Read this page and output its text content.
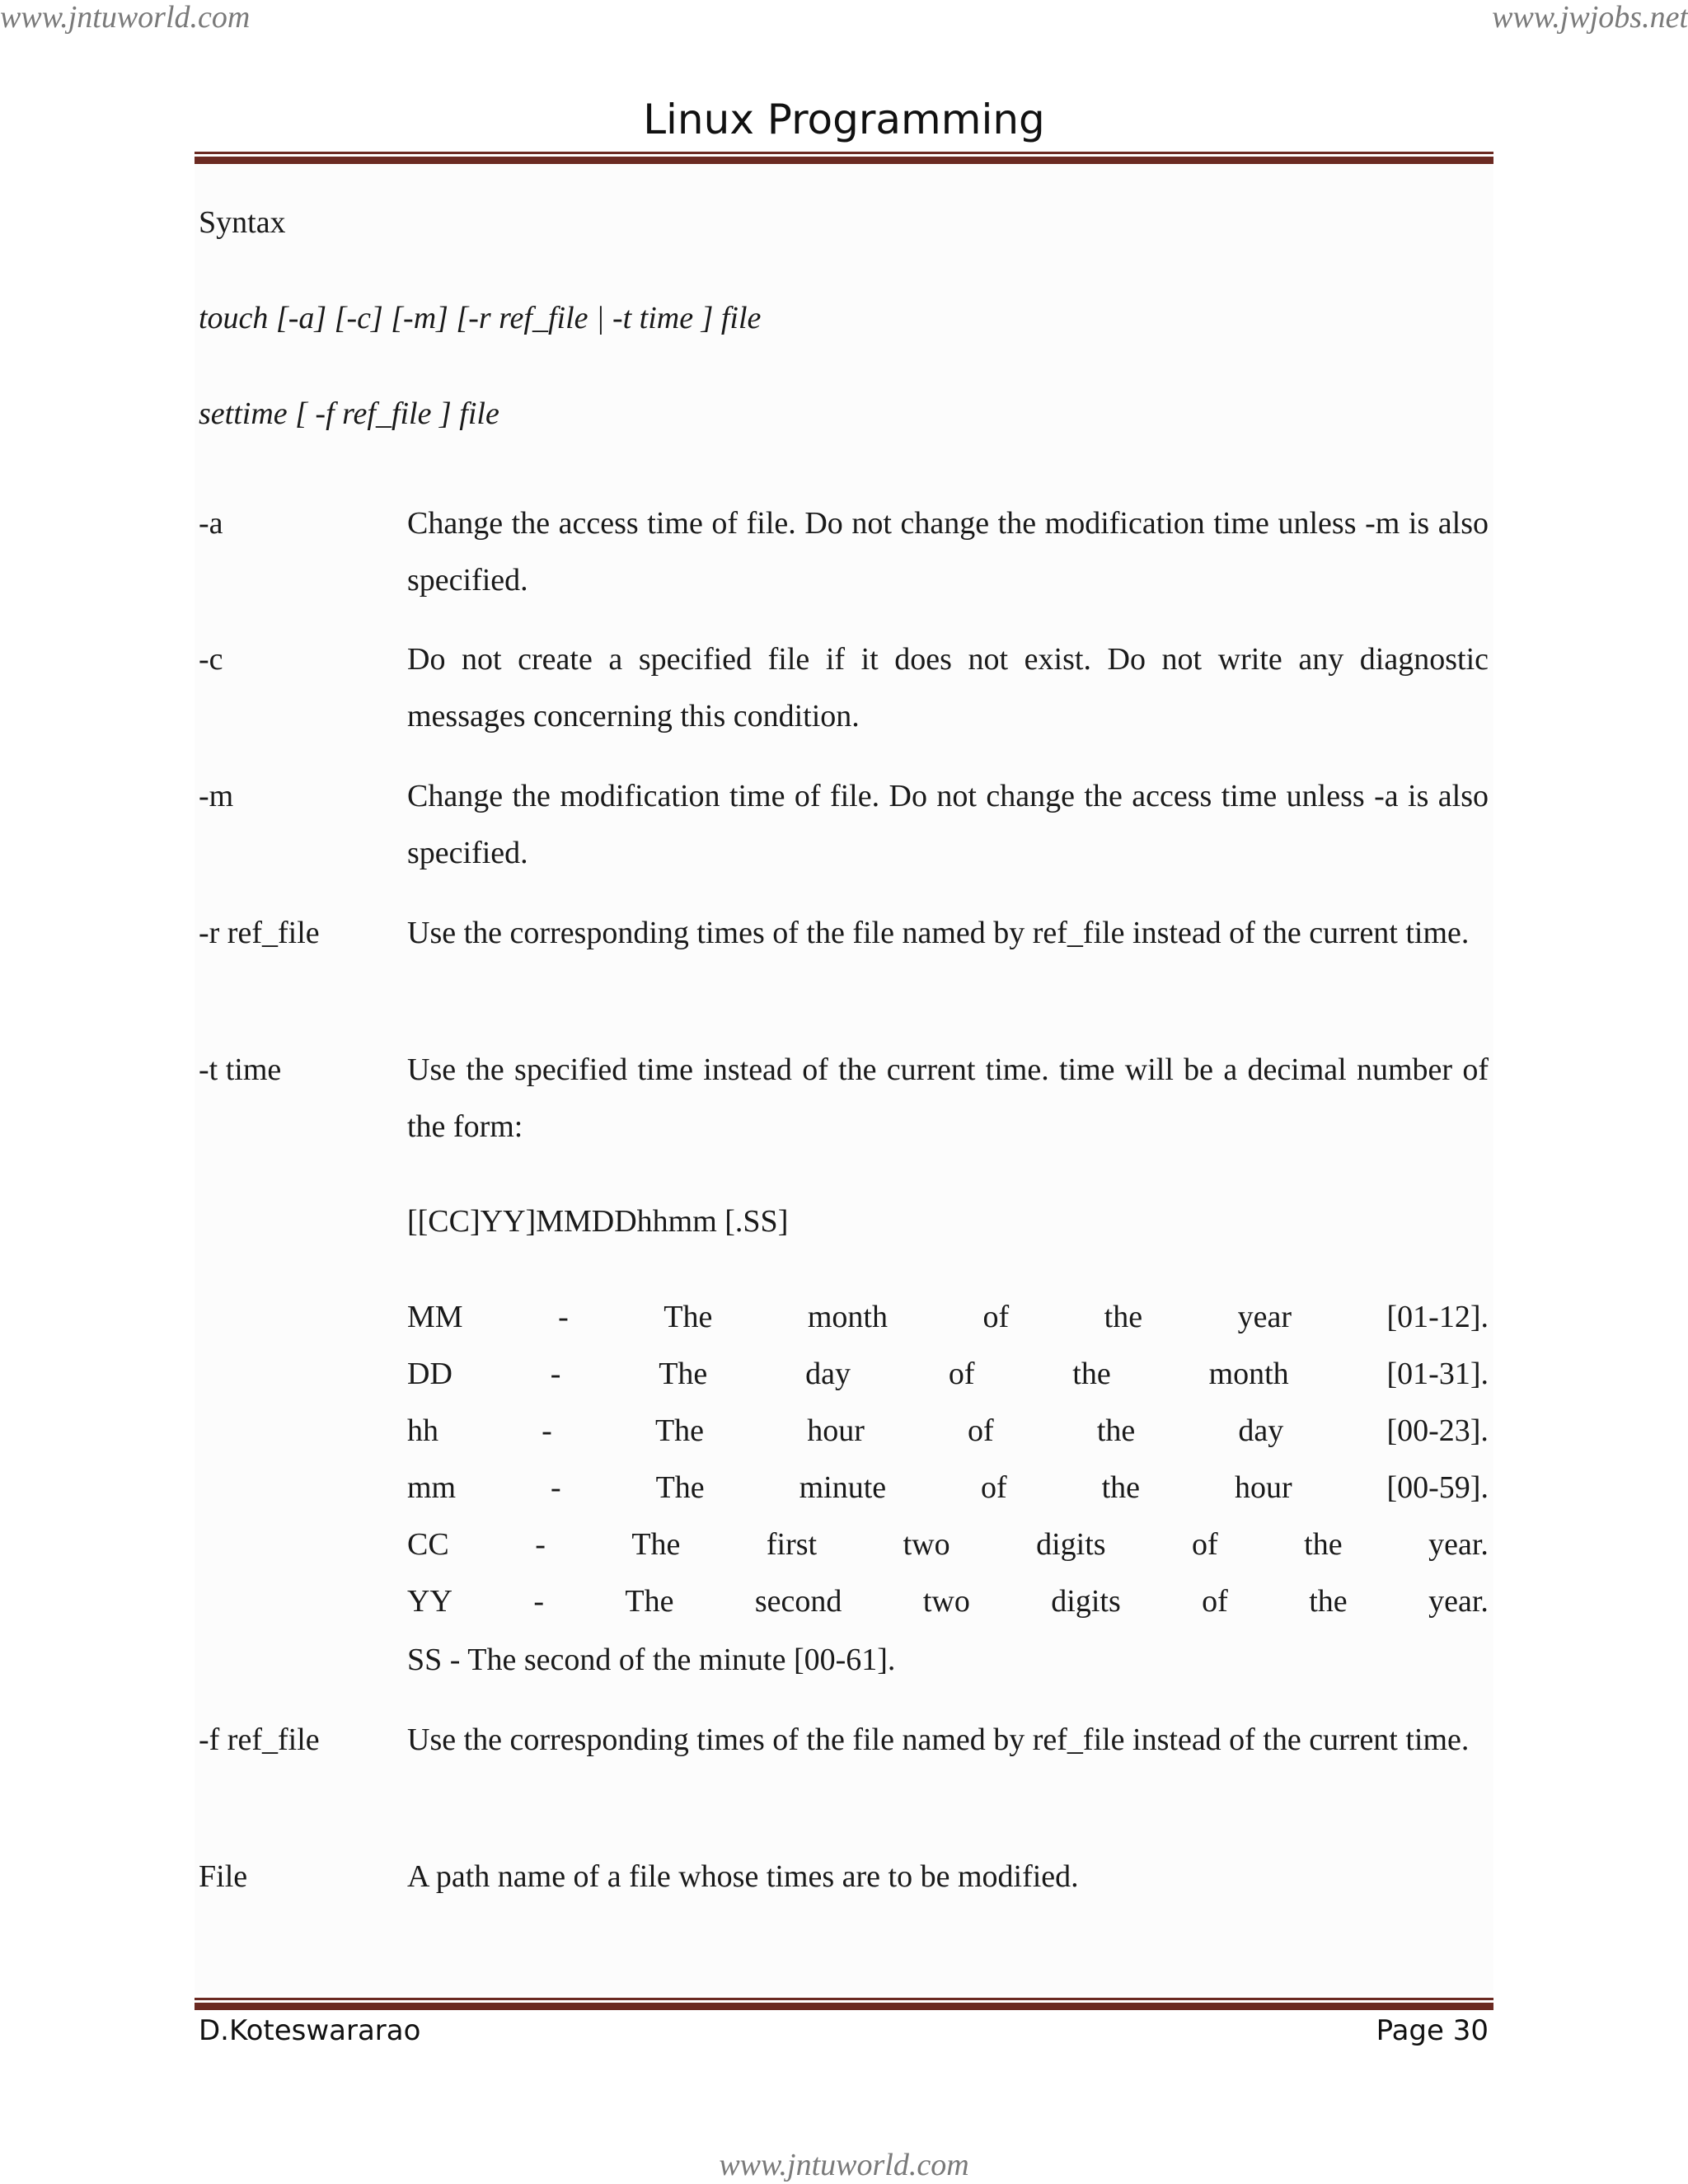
www.jntuworld.com	www.jwjobs.net
Linux Programming
Syntax
touch [-a] [-c] [-m] [-r ref_file | -t time ] file
settime [ -f ref_file ] file
-a	Change the access time of file. Do not change the modification time unless -m is also specified.
-c	Do not create a specified file if it does not exist. Do not write any diagnostic messages concerning this condition.
-m	Change the modification time of file. Do not change the access time unless -a is also specified.
-r ref_file	Use the corresponding times of the file named by ref_file instead of the current time.
-t time	Use the specified time instead of the current time. time will be a decimal number of the form:
[[CC]YY]MMDDhhmm [.SS]
MM	-	The	month	of	the	year	[01-12].
DD	-	The	day	of	the	month	[01-31].
hh	-	The	hour	of	the	day	[00-23].
mm	-	The	minute	of	the	hour	[00-59].
CC	-	The	first	two	digits	of	the	year.
YY	-	The	second	two	digits	of	the	year.
SS - The second of the minute [00-61].
-f ref_file	Use the corresponding times of the file named by ref_file instead of the current time.
File	A path name of a file whose times are to be modified.
D.Koteswararao	Page 30
www.jntuworld.com
